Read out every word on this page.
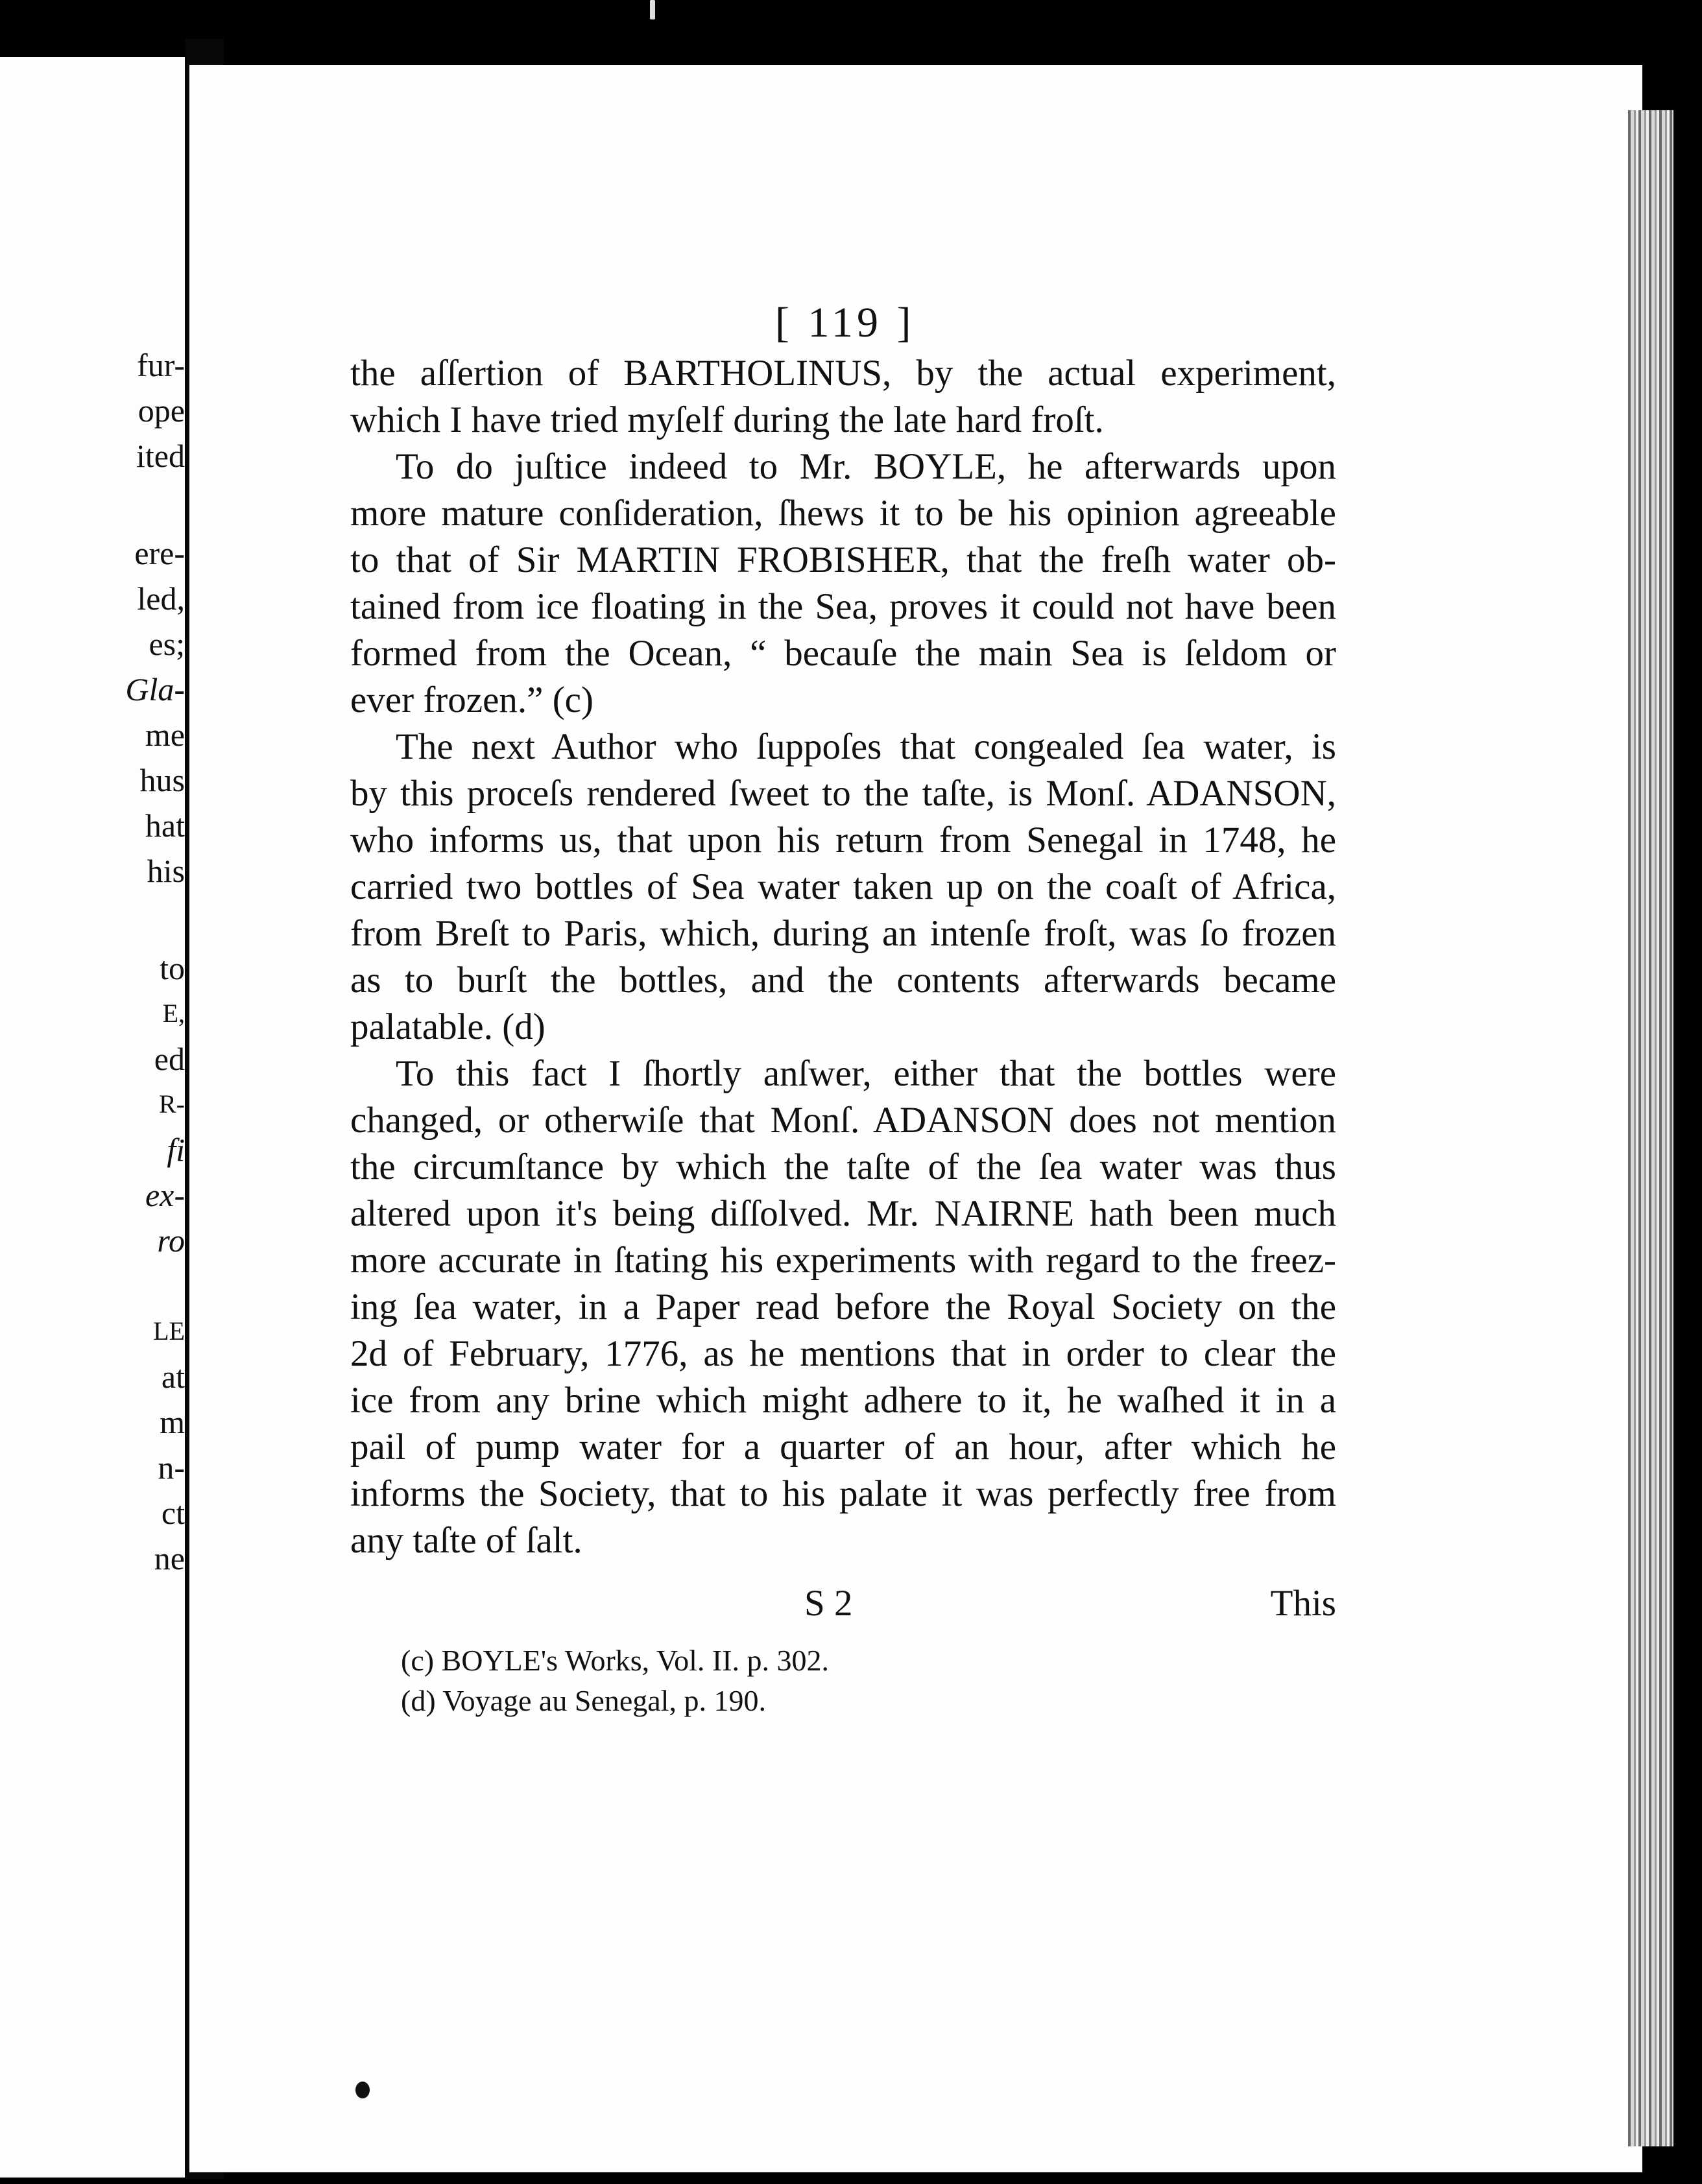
fur-
ope
ited
ere-
led,
es;
Gla-
me
hus
hat
his
to
E,
ed
R-
fi
ex-
ro
LE
at
m
n-
ct
ne
[ 119 ]
the aſſertion of BARTHOLINUS, by the actual experiment,
which I have tried myſelf during the late hard froſt.
To do juſtice indeed to Mr. BOYLE, he afterwards upon
more mature conſideration, ſhews it to be his opinion agreeable
to that of Sir MARTIN FROBISHER, that the freſh water ob-
tained from ice floating in the Sea, proves it could not have been
formed from the Ocean, “ becauſe the main Sea is ſeldom or
ever frozen.” (c)
The next Author who ſuppoſes that congealed ſea water, is
by this proceſs rendered ſweet to the taſte, is Monſ. ADANSON,
who informs us, that upon his return from Senegal in 1748, he
carried two bottles of Sea water taken up on the coaſt of Africa,
from Breſt to Paris, which, during an intenſe froſt, was ſo frozen
as to burſt the bottles, and the contents afterwards became
palatable. (d)
To this fact I ſhortly anſwer, either that the bottles were
changed, or otherwiſe that Monſ. ADANSON does not mention
the circumſtance by which the taſte of the ſea water was thus
altered upon it's being diſſolved. Mr. NAIRNE hath been much
more accurate in ſtating his experiments with regard to the freez-
ing ſea water, in a Paper read before the Royal Society on the
2d of February, 1776, as he mentions that in order to clear the
ice from any brine which might adhere to it, he waſhed it in a
pail of pump water for a quarter of an hour, after which he
informs the Society, that to his palate it was perfectly free from
any taſte of ſalt.
S 2	This
(c) BOYLE's Works, Vol. II. p. 302.
(d) Voyage au Senegal, p. 190.
